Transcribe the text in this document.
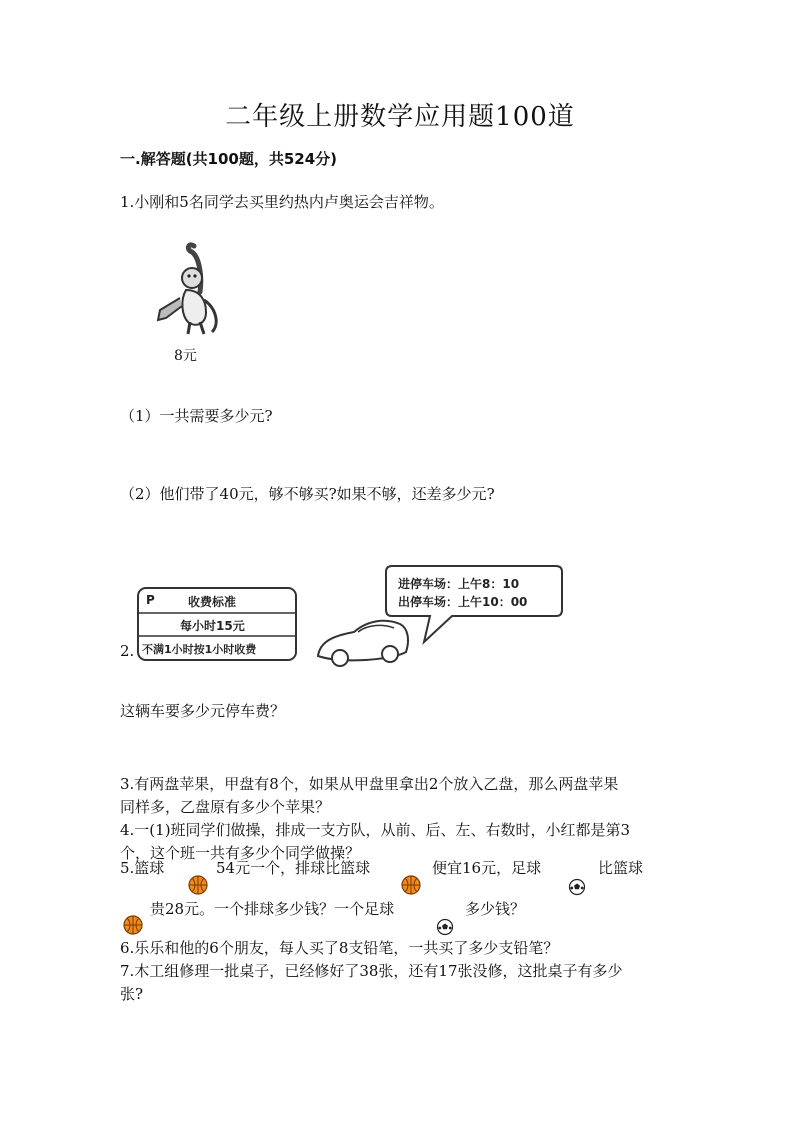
二年级上册数学应用题100道
一.解答题(共100题，共524分)
1.小刚和5名同学去买里约热内卢奥运会吉祥物。
8元
（1）一共需要多少元?
（2）他们带了40元，够不够买?如果不够，还差多少元?
2.
P	收费标准
每小时15元
不满1小时按1小时收费
进停车场：上午8：10
出停车场：上午10：00
这辆车要多少元停车费？
3.有两盘苹果，甲盘有8个，如果从甲盘里拿出2个放入乙盘，那么两盘苹果
同样多，乙盘原有多少个苹果？
4.一(1)班同学们做操，排成一支方队，从前、后、左、右数时，小红都是第3
个，这个班一共有多少个同学做操？
5.篮球	54元一个，排球比篮球	便宜16元，足球	比篮球
贵28元。一个排球多少钱？一个足球	多少钱？
6.乐乐和他的6个朋友，每人买了8支铅笔，一共买了多少支铅笔？
7.木工组修理一批桌子，已经修好了38张，还有17张没修，这批桌子有多少
张?
